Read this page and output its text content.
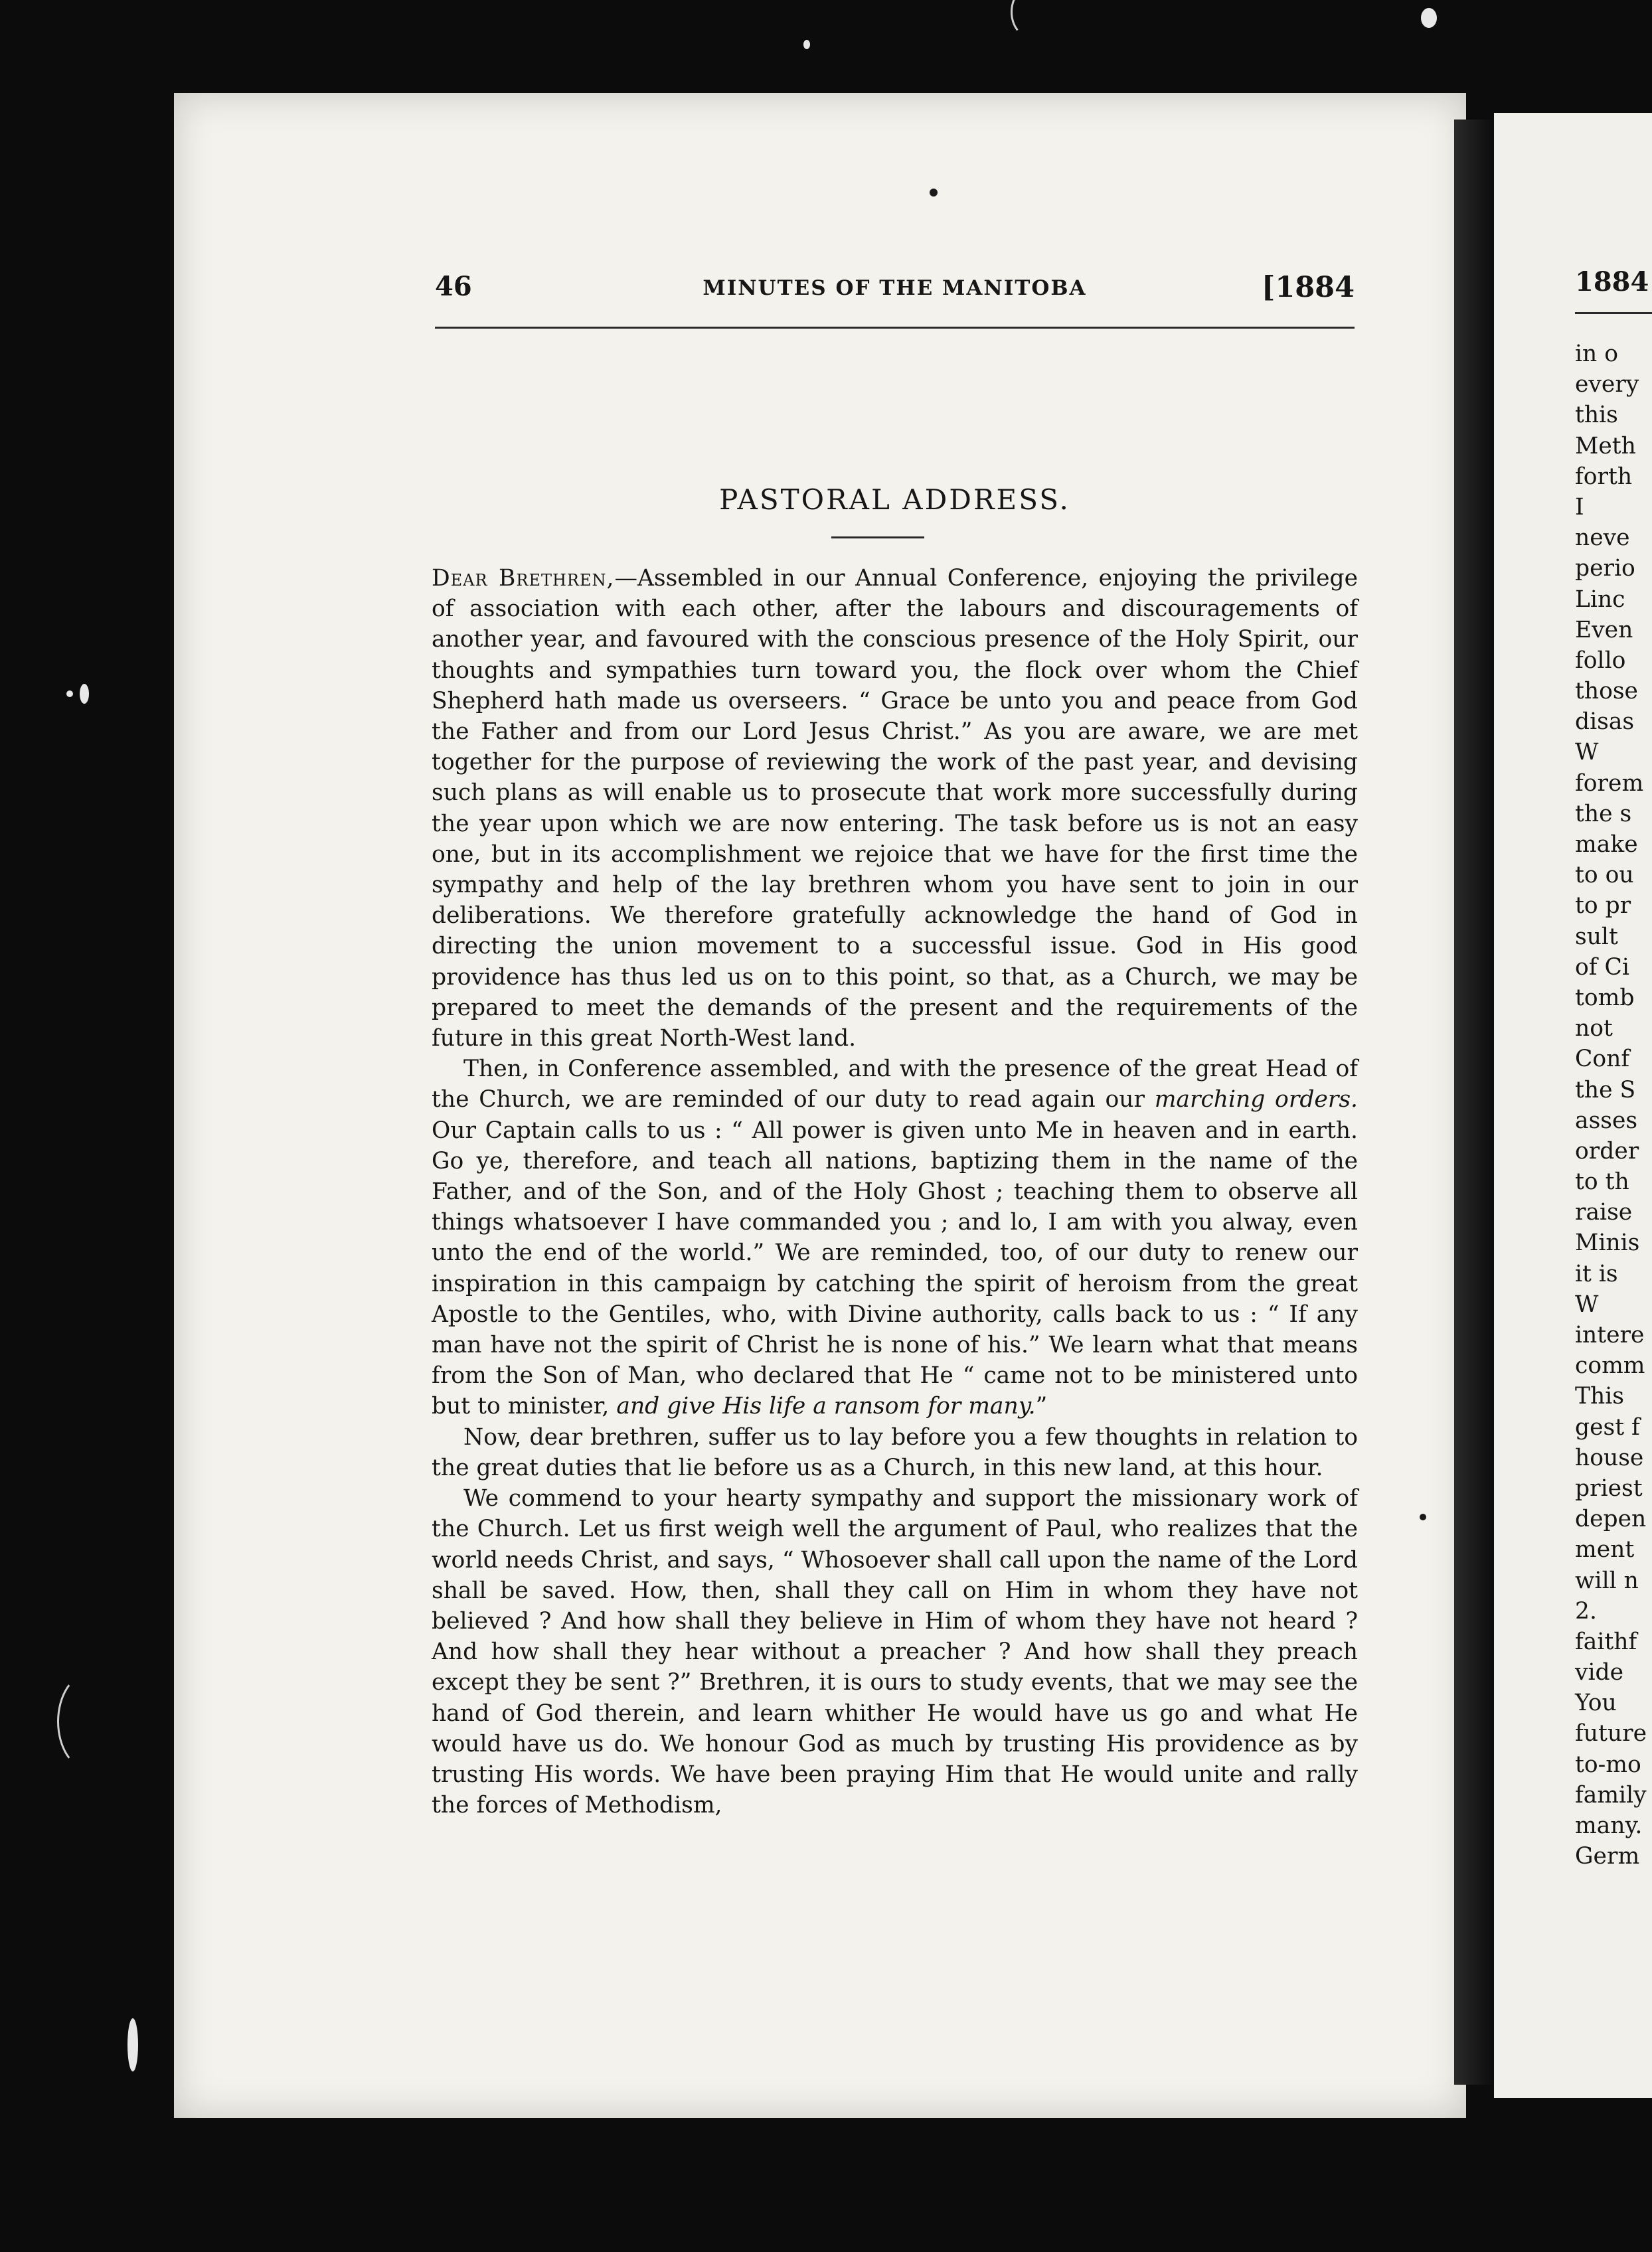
46	MINUTES OF THE MANITOBA	[1884
PASTORAL ADDRESS.

Dear Brethren,—Assembled in our Annual Conference, enjoying the privilege of association with each other, after the labours and discouragements of another year, and favoured with the conscious presence of the Holy Spirit, our thoughts and sympathies turn toward you, the flock over whom the Chief Shepherd hath made us overseers. “ Grace be unto you and peace from God the Father and from our Lord Jesus Christ.” As you are aware, we are met together for the purpose of reviewing the work of the past year, and devising such plans as will enable us to prosecute that work more successfully during the year upon which we are now entering. The task before us is not an easy one, but in its accomplishment we rejoice that we have for the first time the sympathy and help of the lay brethren whom you have sent to join in our deliberations. We therefore gratefully acknowledge the hand of God in directing the union movement to a successful issue. God in His good providence has thus led us on to this point, so that, as a Church, we may be prepared to meet the demands of the present and the requirements of the future in this great North-West land.

Then, in Conference assembled, and with the presence of the great Head of the Church, we are reminded of our duty to read again our marching orders. Our Captain calls to us : “ All power is given unto Me in heaven and in earth. Go ye, therefore, and teach all nations, baptizing them in the name of the Father, and of the Son, and of the Holy Ghost ; teaching them to observe all things whatsoever I have commanded you ; and lo, I am with you alway, even unto the end of the world.” We are reminded, too, of our duty to renew our inspiration in this campaign by catching the spirit of heroism from the great Apostle to the Gentiles, who, with Divine authority, calls back to us : “ If any man have not the spirit of Christ he is none of his.” We learn what that means from the Son of Man, who declared that He “ came not to be ministered unto but to minister, and give His life a ransom for many.”

Now, dear brethren, suffer us to lay before you a few thoughts in relation to the great duties that lie before us as a Church, in this new land, at this hour.

We commend to your hearty sympathy and support the missionary work of the Church. Let us first weigh well the argument of Paul, who realizes that the world needs Christ, and says, “ Whosoever shall call upon the name of the Lord shall be saved. How, then, shall they call on Him in whom they have not believed ? And how shall they believe in Him of whom they have not heard ? And how shall they hear without a preacher ? And how shall they preach except they be sent ?” Brethren, it is ours to study events, that we may see the hand of God therein, and learn whither He would have us go and what He would have us do. We honour God as much by trusting His providence as by trusting His words. We have been praying Him that He would unite and rally the forces of Methodism,

1884
in o
every
this
Meth
forth
I
neve
perio
Linc
Even
follo
those
disas
W
forem
the s
make
to ou
to pr
sult
of Ci
tomb
not
Conf
the S
asses
order
to th
raise
Minis
it is
W
intere
comm
This
gest f
house
priest
depen
ment
will n
2.
faithf
vide
You
future
to-mo
family
many.
Germ
